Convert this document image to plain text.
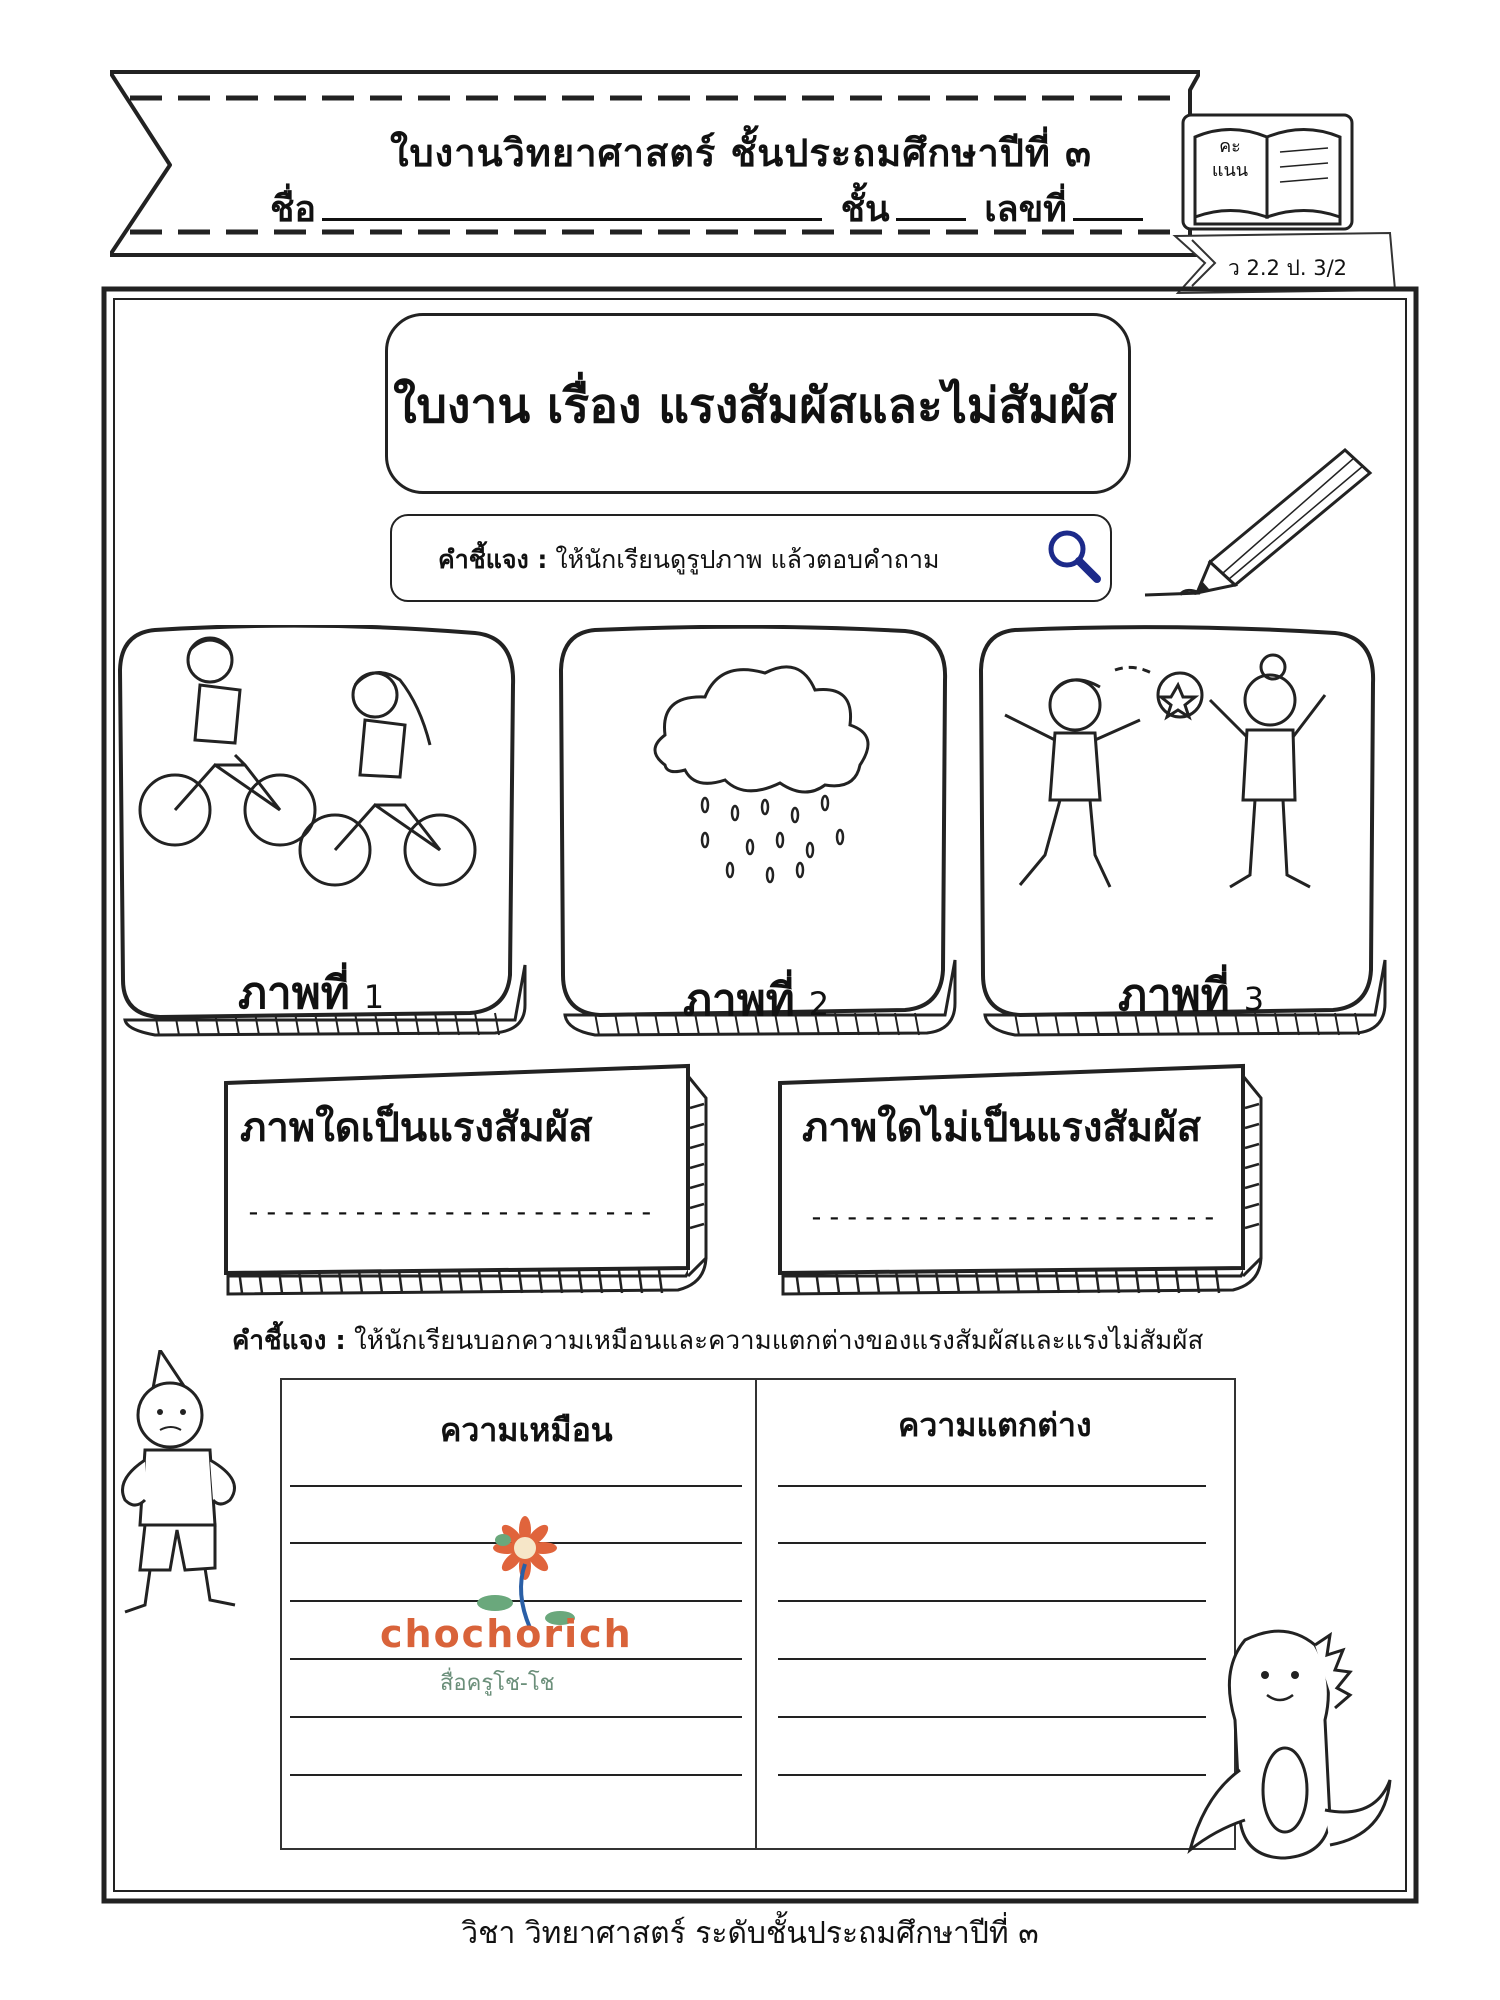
ใบงานวิทยาศาสตร์ ชั้นประถมศึกษาปีที่ ๓
ชื่อ	ชั้น	เลขที่
คะ แนน
ว 2.2 ป. 3/2
ใบงาน เรื่อง แรงสัมผัสและไม่สัมผัส
คำชี้แจง : ให้นักเรียนดูรูปภาพ แล้วตอบคำถาม
ภาพที่ 1	ภาพที่ 2	ภาพที่ 3
ภาพใดเป็นแรงสัมผัส
-----------------------
ภาพใดไม่เป็นแรงสัมผัส
-----------------------
คำชี้แจง : ให้นักเรียนบอกความเหมือนและความแตกต่างของแรงสัมผัสและแรงไม่สัมผัส
ความเหมือน	ความแตกต่าง
chochorich
สื่อครูโช-โช
วิชา วิทยาศาสตร์ ระดับชั้นประถมศึกษาปีที่ ๓
